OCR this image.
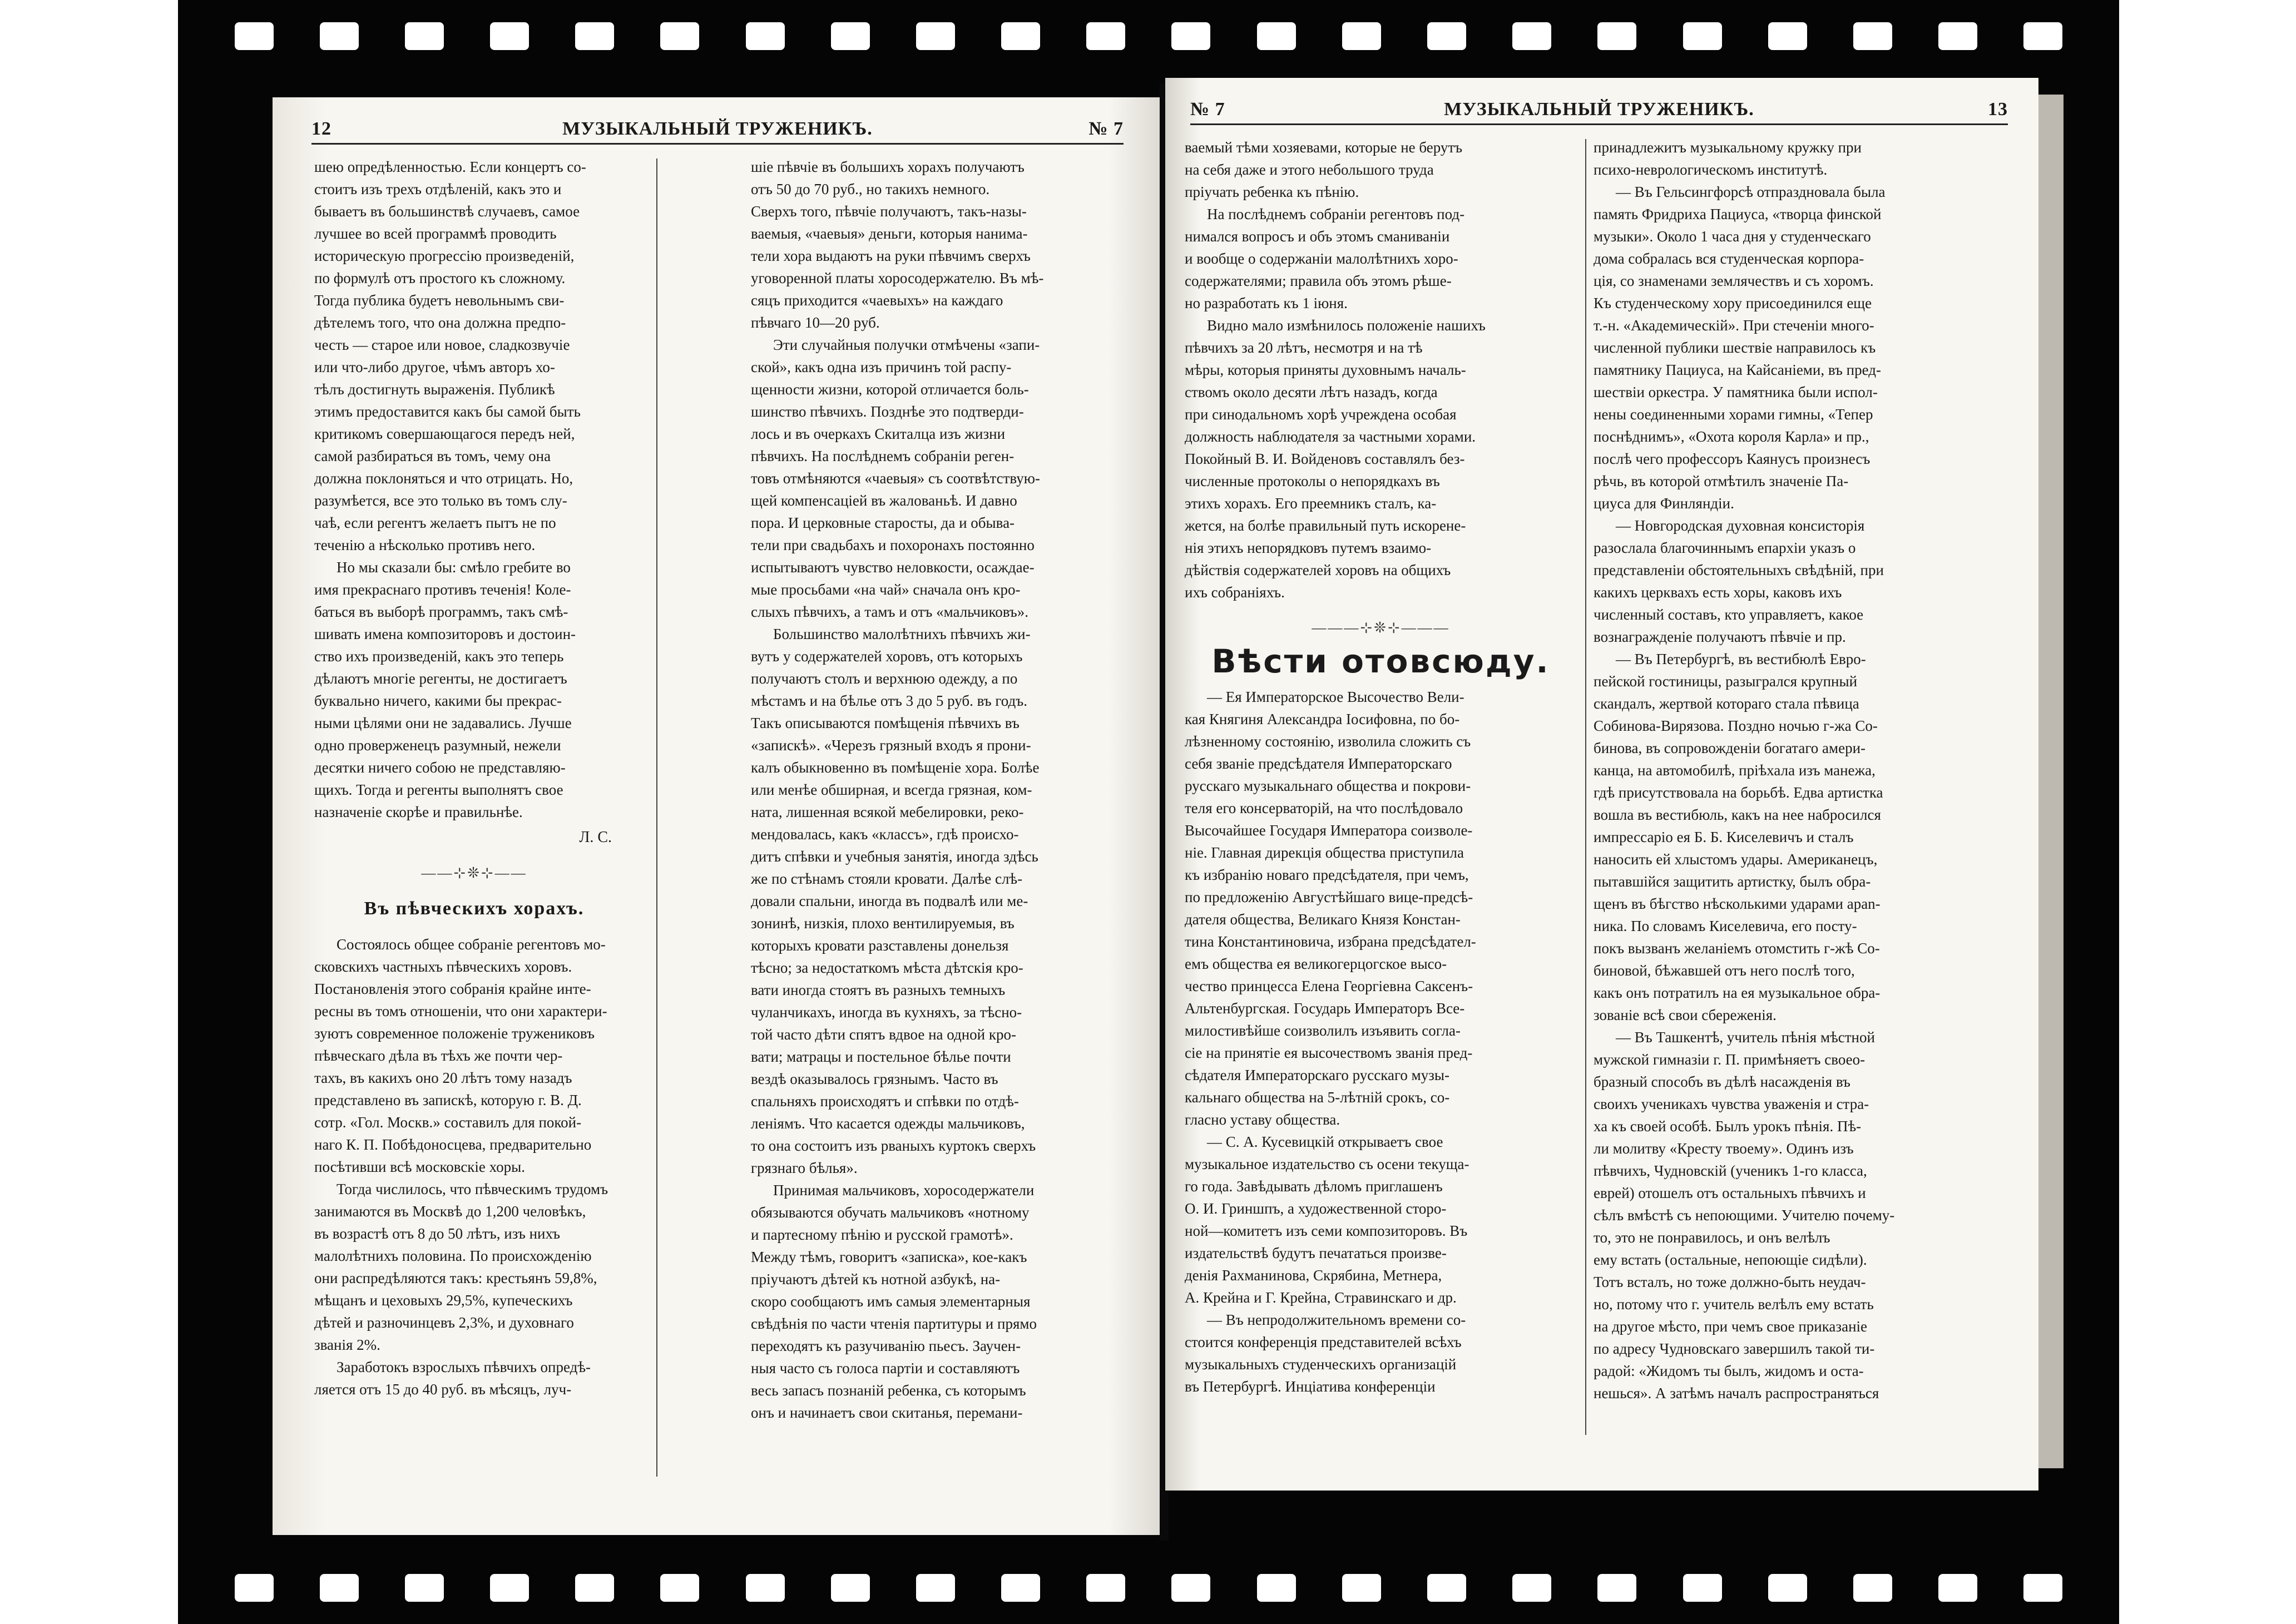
12	МУЗЫКАЛЬНЫЙ ТРУЖЕНИКЪ.	№ 7

шею опредѣленностью. Если концертъ со-
стоитъ изъ трехъ отдѣленій, какъ это и
бываетъ въ большинствѣ случаевъ, самое
лучшее во всей программѣ проводить
историческую прогрессію произведеній,
по формулѣ отъ простого къ сложному.
Тогда публика будетъ невольнымъ сви-
дѣтелемъ того, что она должна предпо-
честь — старое или новое, сладкозвучіе
или что-либо другое, чѣмъ авторъ хо-
тѣлъ достигнуть выраженія. Публикѣ
этимъ предоставится какъ бы самой быть
критикомъ совершающагося передъ ней,
самой разбираться въ томъ, чему она
должна поклоняться и что отрицать. Но,
разумѣется, все это только въ томъ слу-
чаѣ, если регентъ желаетъ пытъ не по
теченію а нѣсколько противъ него.

Но мы сказали бы: смѣло гребите во
имя прекраснаго противъ теченія! Коле-
баться въ выборѣ программъ, такъ смѣ-
шивать имена композиторовъ и достоин-
ство ихъ произведеній, какъ это теперь
дѣлаютъ многіе регенты, не достигаетъ
буквально ничего, какими бы прекрас-
ными цѣлями они не задавались. Лучше
одно проверженецъ разумный, нежели
десятки ничего собою не представляю-
щихъ. Тогда и регенты выполнятъ свое
назначеніе скорѣе и правильнѣе.

Л. С.
——⊹❊⊹——
Въ пѣвческихъ хорахъ.

Состоялось общее собраніе регентовъ мо-
сковскихъ частныхъ пѣвческихъ хоровъ.
Постановленія этого собранія крайне инте-
ресны въ томъ отношеніи, что они характери-
зуютъ современное положеніе тружениковъ
пѣвческаго дѣла въ тѣхъ же почти чер-
тахъ, въ какихъ оно 20 лѣтъ тому назадъ
представлено въ запискѣ, которую г. В. Д.
сотр. «Гол. Москв.» составилъ для покой-
наго К. П. Побѣдоносцева, предварительно
посѣтивши всѣ московскіе хоры.

Тогда числилось, что пѣвческимъ трудомъ
занимаются въ Москвѣ до 1,200 человѣкъ,
въ возрастѣ отъ 8 до 50 лѣтъ, изъ нихъ
малолѣтнихъ половина. По происхожденію
они распредѣляются такъ: крестьянъ 59,8%,
мѣщанъ и цеховыхъ 29,5%, купеческихъ
дѣтей и разночинцевъ 2,3%, и духовнаго
званія 2%.

Заработокъ взрослыхъ пѣвчихъ опредѣ-
ляется отъ 15 до 40 руб. въ мѣсяцъ, луч-

шіе пѣвчіе въ большихъ хорахъ получаютъ
отъ 50 до 70 руб., но такихъ немного.
Сверхъ того, пѣвчіе получаютъ, такъ-назы-
ваемыя, «чаевыя» деньги, которыя нанима-
тели хора выдаютъ на руки пѣвчимъ сверхъ
уговоренной платы хоросодержателю. Въ мѣ-
сяцъ приходится «чаевыхъ» на каждаго
пѣвчаго 10—20 руб.

Эти случайныя получки отмѣчены «запи-
ской», какъ одна изъ причинъ той распу-
щенности жизни, которой отличается боль-
шинство пѣвчихъ. Позднѣе это подтверди-
лось и въ очеркахъ Скиталца изъ жизни
пѣвчихъ. На послѣднемъ собраніи реген-
товъ отмѣняются «чаевыя» съ соотвѣтствую-
щей компенсаціей въ жалованьѣ. И давно
пора. И церковные старосты, да и обыва-
тели при свадьбахъ и похоронахъ постоянно
испытываютъ чувство неловкости, осаждае-
мые просьбами «на чай» сначала онъ кро-
слыхъ пѣвчихъ, а тамъ и отъ «мальчиковъ».

Большинство малолѣтнихъ пѣвчихъ жи-
вутъ у содержателей хоровъ, отъ которыхъ
получаютъ столъ и верхнюю одежду, а по
мѣстамъ и на бѣлье отъ 3 до 5 руб. въ годъ.
Такъ описываются помѣщенія пѣвчихъ въ
«запискѣ». «Черезъ грязный входъ я прони-
калъ обыкновенно въ помѣщеніе хора. Болѣе
или менѣе обширная, и всегда грязная, ком-
ната, лишенная всякой мебелировки, реко-
мендовалась, какъ «классъ», гдѣ происхо-
дитъ спѣвки и учебныя занятія, иногда здѣсь
же по стѣнамъ стояли кровати. Далѣе слѣ-
довали спальни, иногда въ подвалѣ или ме-
зонинѣ, низкія, плохо вентилируемыя, въ
которыхъ кровати разставлены донельзя
тѣсно; за недостаткомъ мѣста дѣтскія кро-
вати иногда стоятъ въ разныхъ темныхъ
чуланчикахъ, иногда въ кухняхъ, за тѣсно-
той часто дѣти спятъ вдвое на одной кро-
вати; матрацы и постельное бѣлье почти
вездѣ оказывалось грязнымъ. Часто въ
спальняхъ происходятъ и спѣвки по отдѣ-
леніямъ. Что касается одежды мальчиковъ,
то она состоитъ изъ рваныхъ куртокъ сверхъ
грязнаго бѣлья».

Принимая мальчиковъ, хоросодержатели
обязываются обучать мальчиковъ «нотному
и партесному пѣнію и русской грамотѣ».
Между тѣмъ, говоритъ «записка», кое-какъ
пріучаютъ дѣтей къ нотной азбукѣ, на-
скоро сообщаютъ имъ самыя элементарныя
свѣдѣнія по части чтенія партитуры и прямо
переходятъ къ разучиванію пьесъ. Заучен-
ныя часто съ голоса партіи и составляютъ
весь запасъ познаній ребенка, съ которымъ
онъ и начинаетъ свои скитанья, перемани-

№ 7	МУЗЫКАЛЬНЫЙ ТРУЖЕНИКЪ.	13

ваемый тѣми хозяевами, которые не берутъ
на себя даже и этого небольшого труда
пріучать ребенка къ пѣнію.

На послѣднемъ собраніи регентовъ под-
нимался вопросъ и объ этомъ сманиваніи
и вообще о содержаніи малолѣтнихъ хоро-
содержателями; правила объ этомъ рѣше-
но разработать къ 1 іюня.

Видно мало измѣнилось положеніе нашихъ
пѣвчихъ за 20 лѣтъ, несмотря и на тѣ
мѣры, которыя приняты духовнымъ началь-
ствомъ около десяти лѣтъ назадъ, когда
при синодальномъ хорѣ учреждена особая
должность наблюдателя за частными хорами.
Покойный В. И. Войденовъ составлялъ без-
численные протоколы о непорядкахъ въ
этихъ хорахъ. Его преемникъ сталъ, ка-
жется, на болѣе правильный путь искорене-
нія этихъ непорядковъ путемъ взаимо-
дѣйствія содержателей хоровъ на общихъ
ихъ собраніяхъ.

———⊹❊⊹———
Вѣсти отовсюду.

— Ея Императорское Высочество Вели-
кая Княгиня Александра Іосифовна, по бо-
лѣзненному состоянію, изволила сложить съ
себя званіе предсѣдателя Императорскаго
русскаго музыкальнаго общества и покрови-
теля его консерваторій, на что послѣдовало
Высочайшее Государя Императора соизволе-
ніе. Главная дирекція общества приступила
къ избранію новаго предсѣдателя, при чемъ,
по предложенію Августѣйшаго вице-предсѣ-
дателя общества, Великаго Князя Констан-
тина Константиновича, избрана предсѣдател-
емъ общества ея великогерцогское высо-
чество принцесса Елена Георгіевна Саксенъ-
Альтенбургская. Государь Императоръ Все-
милостивѣйше соизволилъ изъявить согла-
сіе на принятіе ея высочествомъ званія пред-
сѣдателя Императорскаго русскаго музы-
кальнаго общества на 5-лѣтній срокъ, со-
гласно уставу общества.

— С. А. Кусевицкій открываетъ свое
музыкальное издательство съ осени текуща-
го года. Завѣдывать дѣломъ приглашенъ
О. И. Гриншпъ, а художественной сторо-
ной—комитетъ изъ семи композиторовъ. Въ
издательствѣ будутъ печататься произве-
денія Рахманинова, Скрябина, Метнера,
А. Крейна и Г. Крейна, Стравинскаго и др.

— Въ непродолжительномъ времени со-
стоится конференція представителей всѣхъ
музыкальныхъ студенческихъ организацій
въ Петербургѣ. Инціатива конференціи

принадлежитъ музыкальному кружку при
психо-неврологическомъ институтѣ.

— Въ Гельсингфорсѣ отпраздновала была
память Фридриха Пациуса, «творца финской
музыки». Около 1 часа дня у студенческаго
дома собралась вся студенческая корпора-
ція, со знаменами землячествъ и съ хоромъ.
Къ студенческому хору присоединился еще
т.-н. «Академическій». При стеченіи много-
численной публики шествіе направилось къ
памятнику Пациуса, на Кайсаніеми, въ пред-
шествіи оркестра. У памятника были испол-
нены соединенными хорами гимны, «Тепер
поснѣднимъ», «Охота короля Карла» и пр.,
послѣ чего профессоръ Каянусъ произнесъ
рѣчь, въ которой отмѣтилъ значеніе Па-
циуса для Финляндіи.

— Новгородская духовная консисторія
разослала благочиннымъ епархіи указъ о
представленіи обстоятельныхъ свѣдѣній, при
какихъ церквахъ есть хоры, каковъ ихъ
численный составъ, кто управляетъ, какое
вознагражденіе получаютъ пѣвчіе и пр.

— Въ Петербургѣ, въ вестибюлѣ Евро-
пейской гостиницы, разыгрался крупный
скандалъ, жертвой котораго стала пѣвица
Собинова-Вирязова. Поздно ночью г-жа Со-
бинова, въ сопровожденіи богатаго амери-
канца, на автомобилѣ, пріѣхала изъ манежа,
гдѣ присутствовала на борьбѣ. Едва артистка
вошла въ вестибюль, какъ на нее набросился
импрессаріо ея Б. Б. Киселевичъ и сталъ
наносить ей хлыстомъ удары. Американецъ,
пытавшійся защитить артистку, былъ обра-
щенъ въ бѣгство нѣсколькими ударами араn-
ника. По словамъ Киселевича, его посту-
покъ вызванъ желаніемъ отомстить г-жѣ Со-
биновой, бѣжавшей отъ него послѣ того,
какъ онъ потратилъ на ея музыкальное обра-
зованіе всѣ свои сбереженія.

— Въ Ташкентѣ, учитель пѣнія мѣстной
мужской гимназіи г. П. примѣняетъ своео-
бразный способъ въ дѣлѣ насажденія въ
своихъ ученикахъ чувства уваженія и стра-
ха къ своей особѣ. Былъ урокъ пѣнія. Пѣ-
ли молитву «Кресту твоему». Одинъ изъ
пѣвчихъ, Чудновскій (ученикъ 1-го класса,
еврей) отошелъ отъ остальныхъ пѣвчихъ и
сѣлъ вмѣстѣ съ непоющими. Учителю почему-
то, это не понравилось, и онъ велѣлъ
ему встать (остальные, непоющіе сидѣли).
Тотъ всталъ, но тоже должно-быть неудач-
но, потому что г. учитель велѣлъ ему встать
на другое мѣсто, при чемъ свое приказаніе
по адресу Чудновскаго завершилъ такой ти-
радой: «Жидомъ ты былъ, жидомъ и оста-
нешься». А затѣмъ началъ распространяться
